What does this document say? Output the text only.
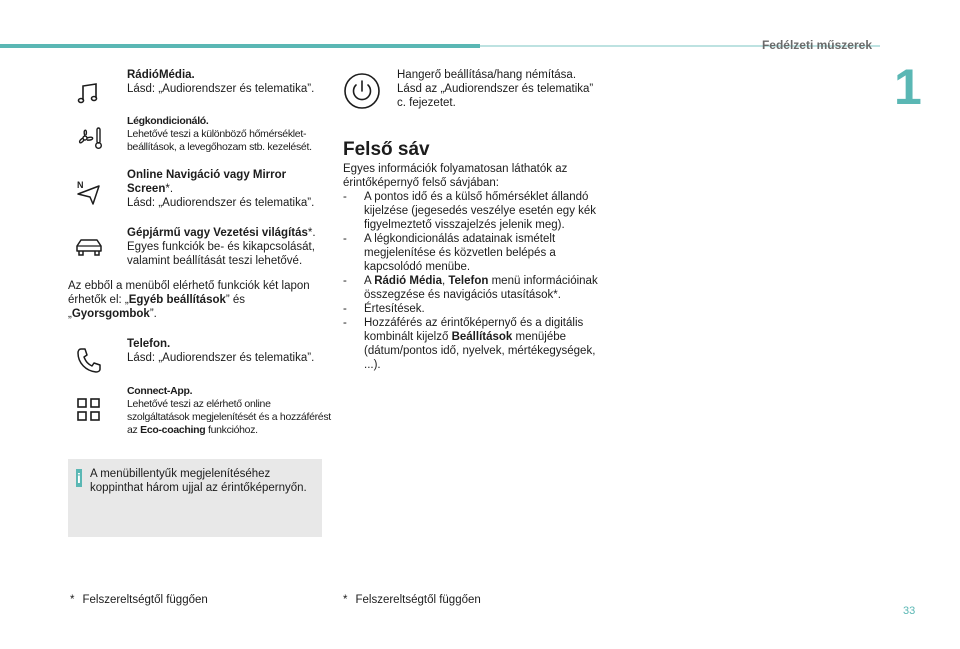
Fedélzeti műszerek
1
33
RádióMédia.
Lásd: „Audiorendszer és telematika”.
Légkondicionáló.
Lehetővé teszi a különböző hőmérséklet-beállítások, a levegőhozam stb. kezelését.
N
Online Navigáció vagy Mirror Screen*.
Lásd: „Audiorendszer és telematika”.
Gépjármű vagy Vezetési világítás*.
Egyes funkciók be- és kikapcsolását, valamint beállítását teszi lehetővé.
Az ebből a menüből elérhető funkciók két lapon érhetők el: „Egyéb beállítások” és „Gyorsgombok”.
Telefon.
Lásd: „Audiorendszer és telematika”.
Connect-App.
Lehetővé teszi az elérhető online szolgáltatások megjelenítését és a hozzáférést az Eco-coaching funkcióhoz.
i A menübillentyűk megjelenítéséhez koppinthat három ujjal az érintőképernyőn.
Hangerő beállítása/hang némítása. Lásd az „Audiorendszer és telematika” c. fejezetet.
Felső sáv
Egyes információk folyamatosan láthatók az érintőképernyő felső sávjában:
- A pontos idő és a külső hőmérséklet állandó kijelzése (jegesedés veszélye esetén egy kék figyelmeztető visszajelzés jelenik meg).
- A légkondicionálás adatainak ismételt megjelenítése és közvetlen belépés a kapcsolódó menübe.
- A Rádió Média, Telefon menü információinak összegzése és navigációs utasítások*.
- Értesítések.
- Hozzáférés az érintőképernyő és a digitális kombinált kijelző Beállítások menüjébe (dátum/pontos idő, nyelvek, mértékegységek, ...).
* Felszereltségtől függően	* Felszereltségtől függően
